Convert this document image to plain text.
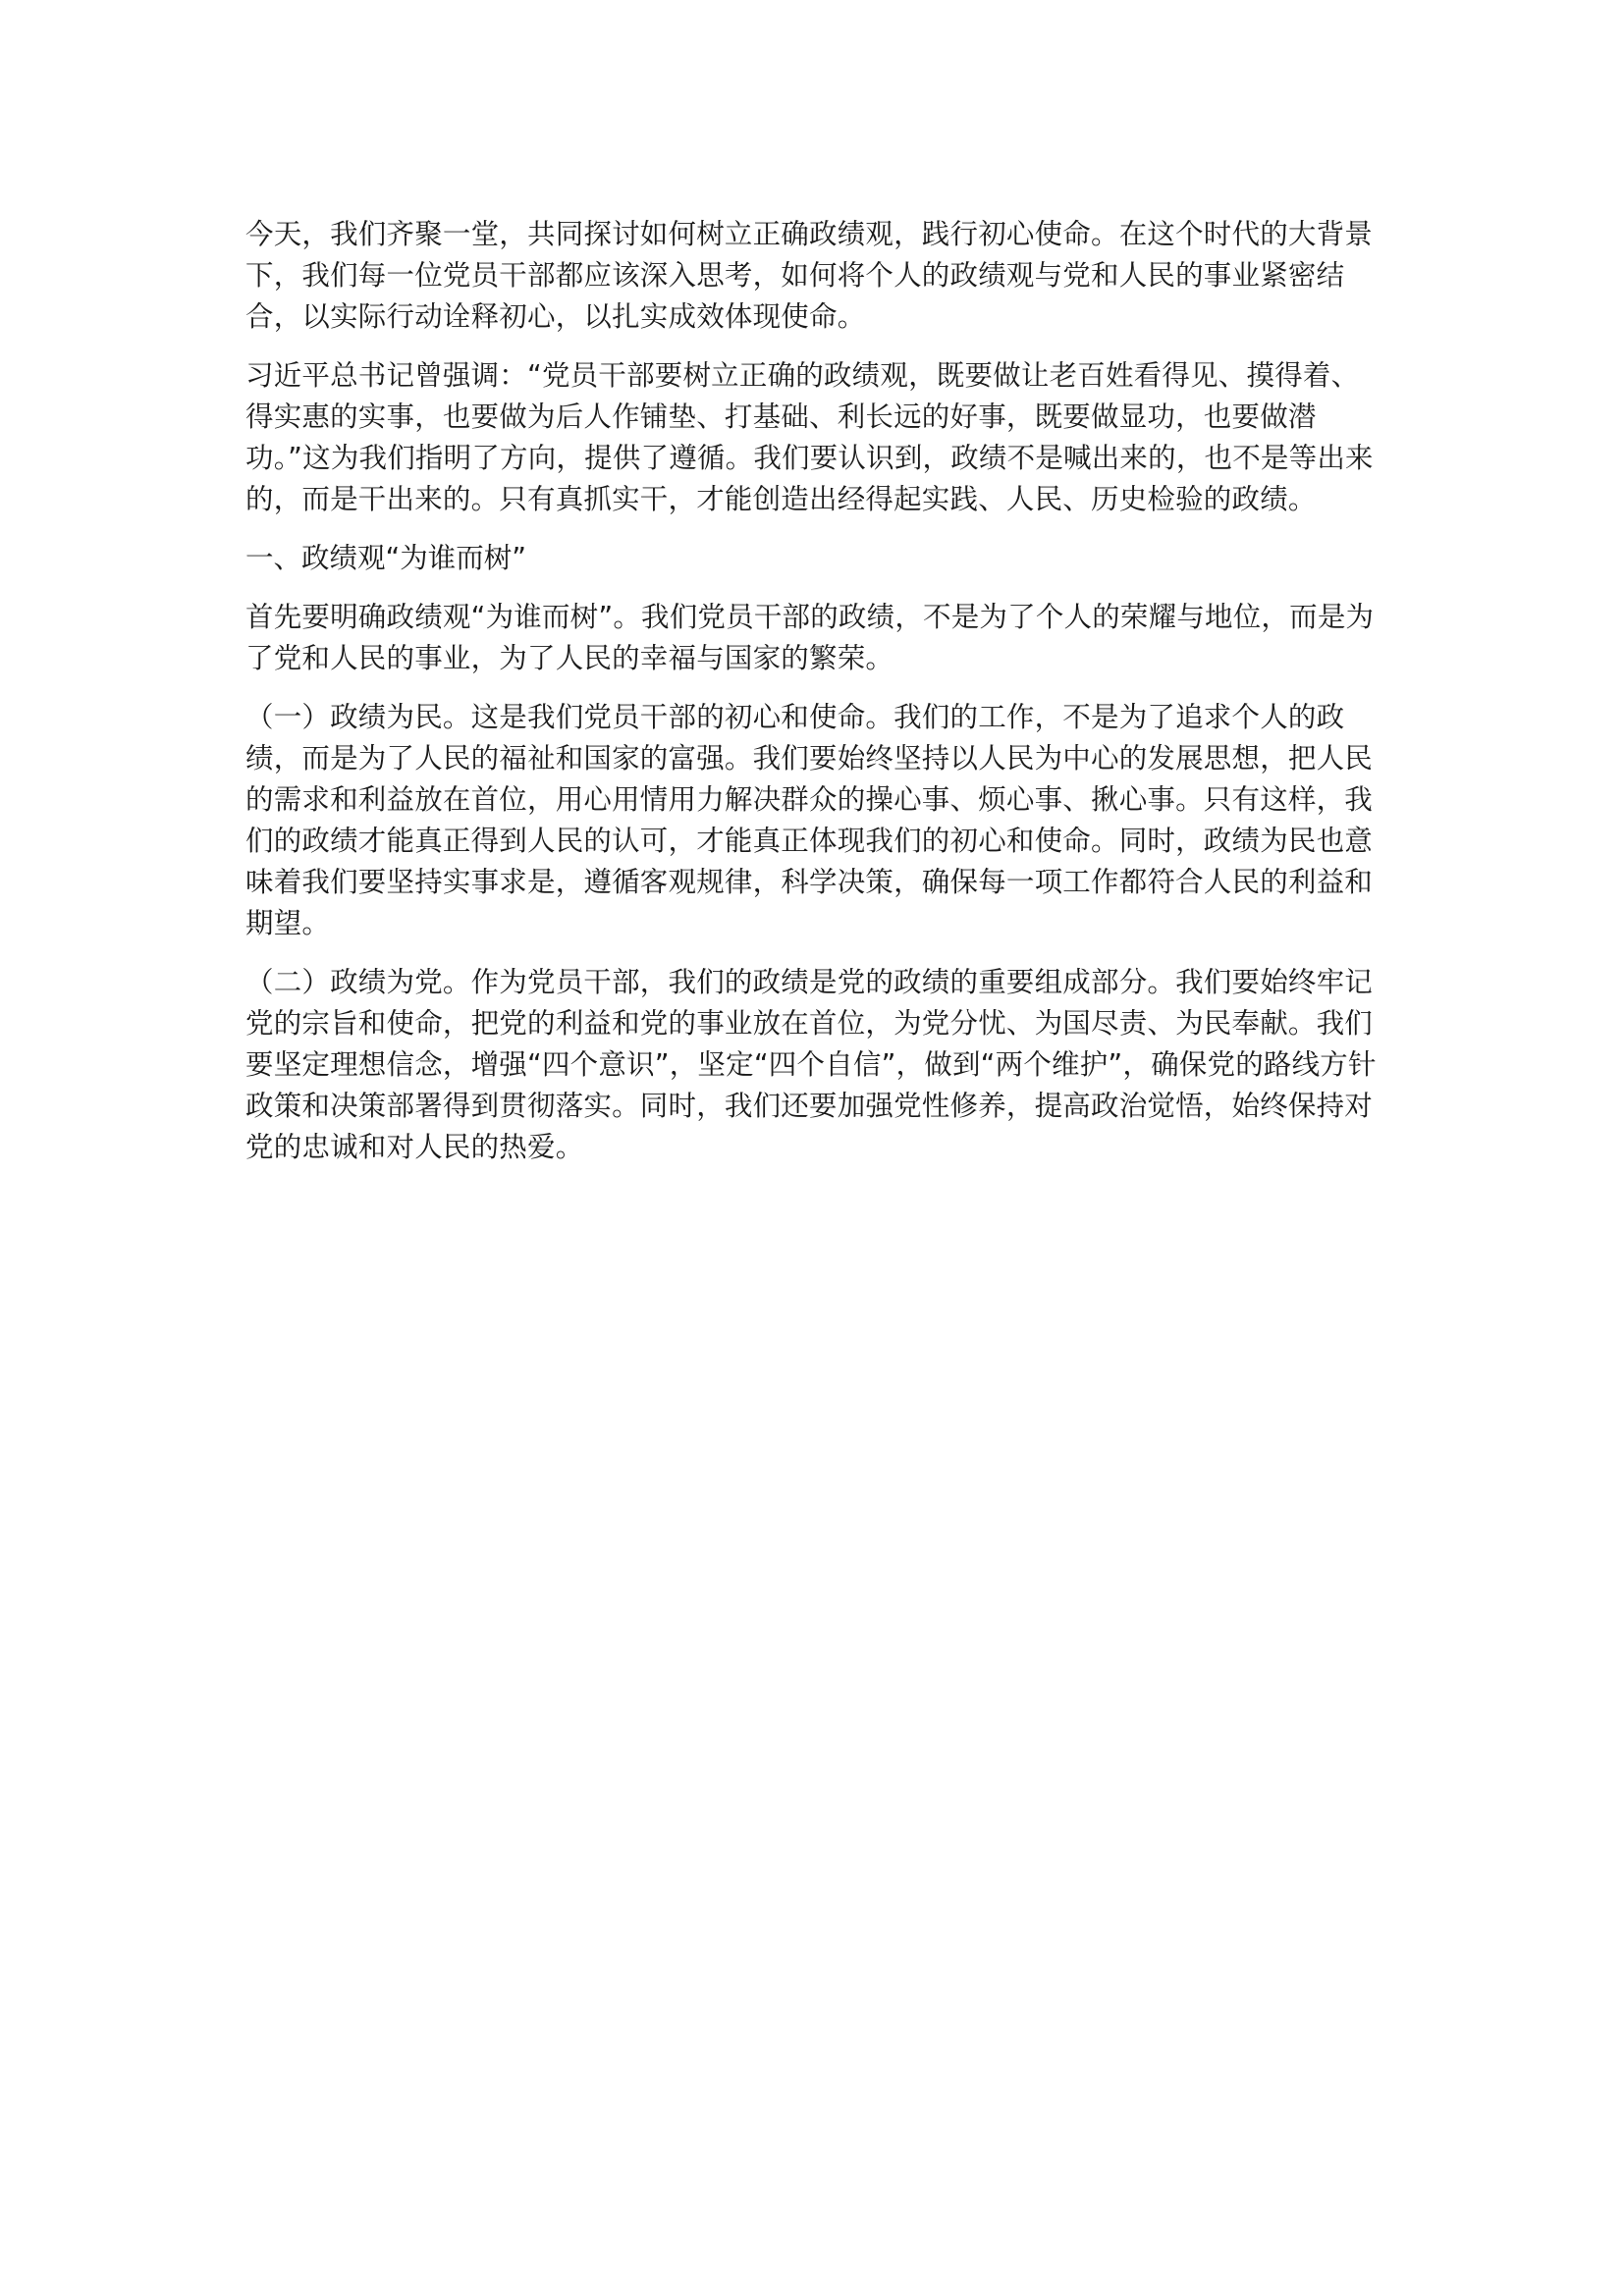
今天，我们齐聚一堂，共同探讨如何树立正确政绩观，践行初心使命。在这个时代的大背景下，我们每一位党员干部都应该深入思考，如何将个人的政绩观与党和人民的事业紧密结合，以实际行动诠释初心，以扎实成效体现使命。

习近平总书记曾强调：“党员干部要树立正确的政绩观，既要做让老百姓看得见、摸得着、得实惠的实事，也要做为后人作铺垫、打基础、利长远的好事，既要做显功，也要做潜功。”这为我们指明了方向，提供了遵循。我们要认识到，政绩不是喊出来的，也不是等出来的，而是干出来的。只有真抓实干，才能创造出经得起实践、人民、历史检验的政绩。

一、政绩观“为谁而树”

首先要明确政绩观“为谁而树”。我们党员干部的政绩，不是为了个人的荣耀与地位，而是为了党和人民的事业，为了人民的幸福与国家的繁荣。

（一）政绩为民。这是我们党员干部的初心和使命。我们的工作，不是为了追求个人的政绩，而是为了人民的福祉和国家的富强。我们要始终坚持以人民为中心的发展思想，把人民的需求和利益放在首位，用心用情用力解决群众的操心事、烦心事、揪心事。只有这样，我们的政绩才能真正得到人民的认可，才能真正体现我们的初心和使命。同时，政绩为民也意味着我们要坚持实事求是，遵循客观规律，科学决策，确保每一项工作都符合人民的利益和期望。

（二）政绩为党。作为党员干部，我们的政绩是党的政绩的重要组成部分。我们要始终牢记党的宗旨和使命，把党的利益和党的事业放在首位，为党分忧、为国尽责、为民奉献。我们要坚定理想信念，增强“四个意识”，坚定“四个自信”，做到“两个维护”，确保党的路线方针政策和决策部署得到贯彻落实。同时，我们还要加强党性修养，提高政治觉悟，始终保持对党的忠诚和对人民的热爱。
